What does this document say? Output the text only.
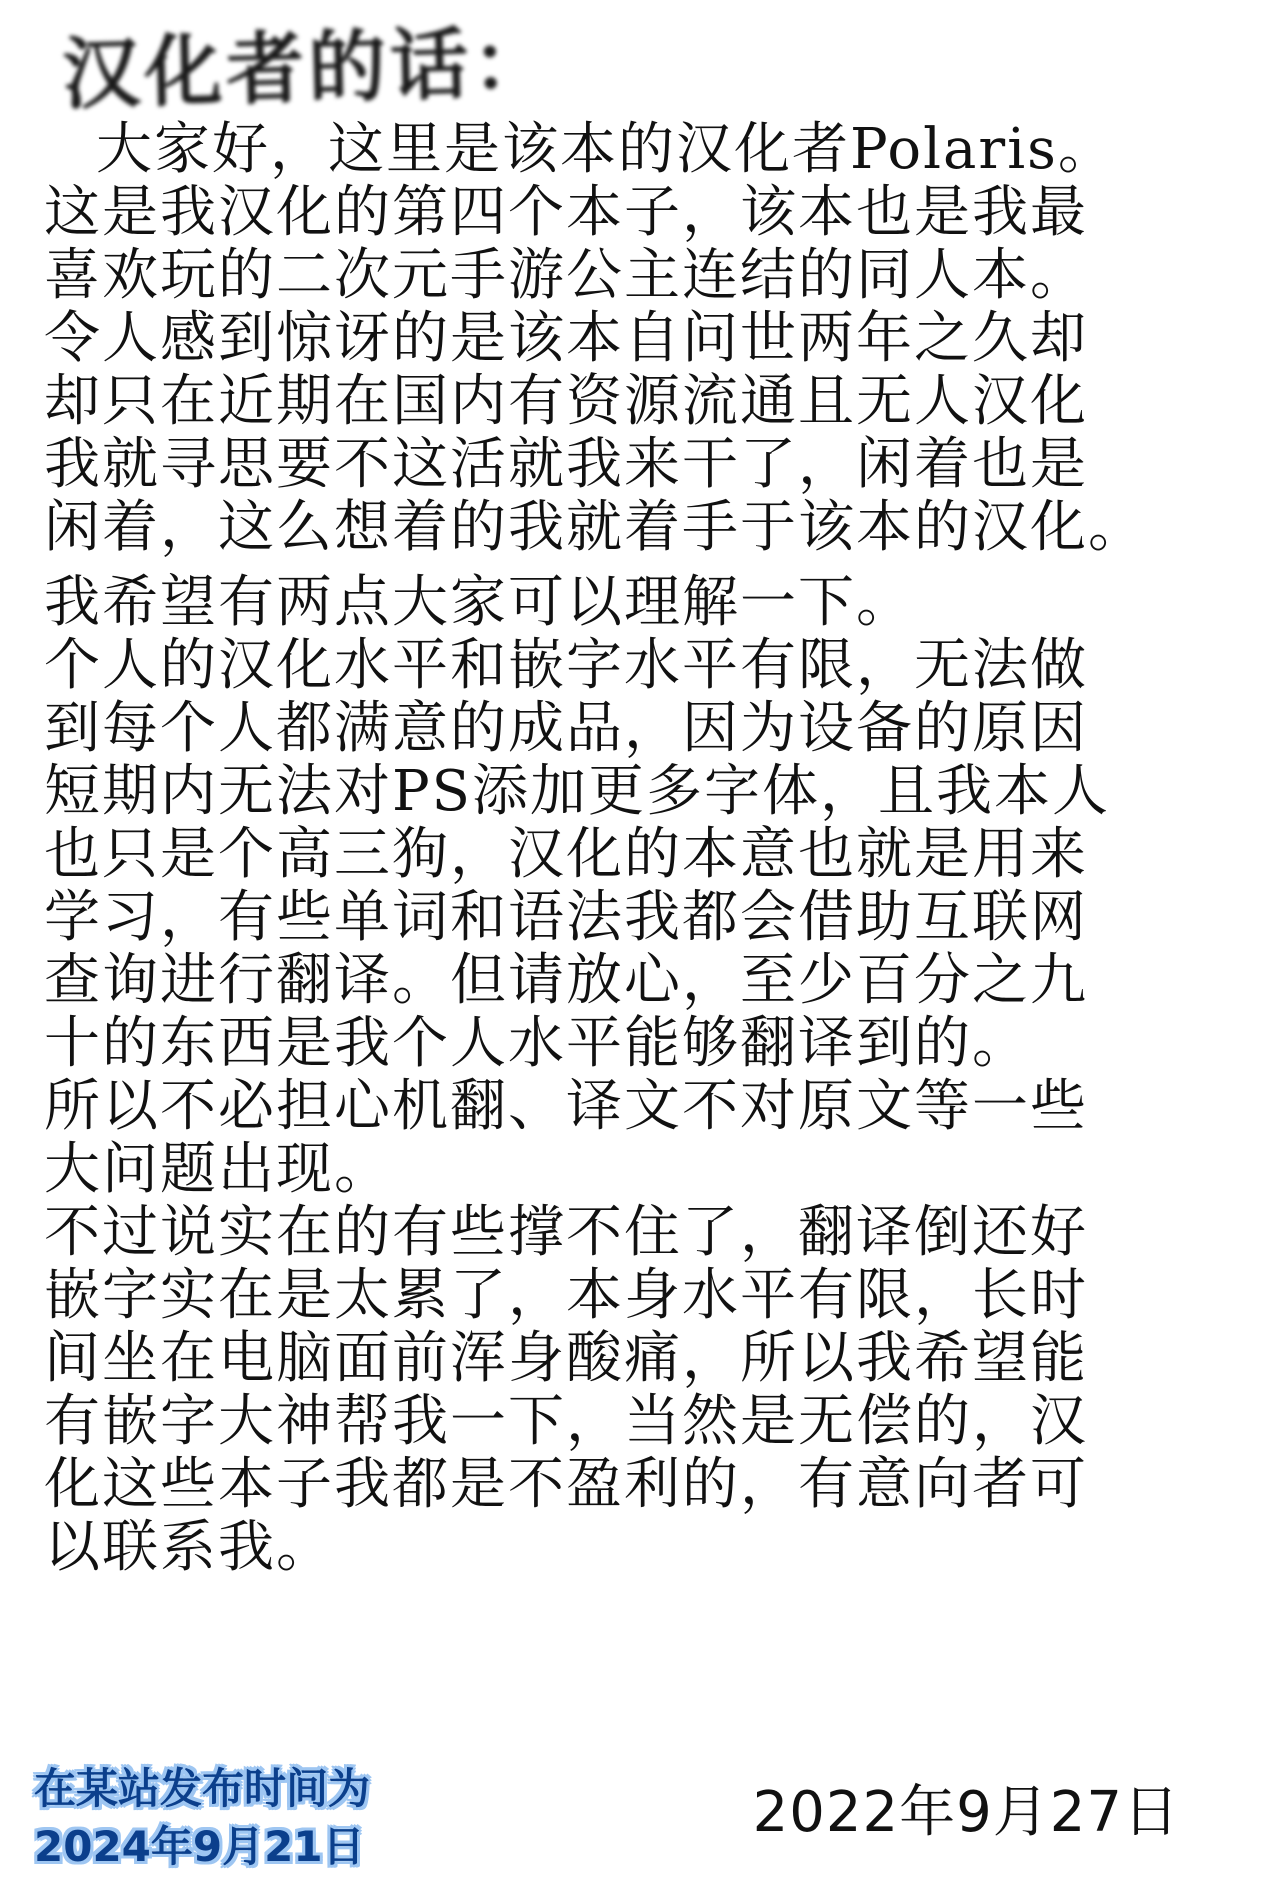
汉化者的话：
大家好，这里是该本的汉化者Polaris。
这是我汉化的第四个本子，该本也是我最
喜欢玩的二次元手游公主连结的同人本。
令人感到惊讶的是该本自问世两年之久却
却只在近期在国内有资源流通且无人汉化
我就寻思要不这活就我来干了，闲着也是
闲着，这么想着的我就着手于该本的汉化。
我希望有两点大家可以理解一下。
个人的汉化水平和嵌字水平有限，无法做
到每个人都满意的成品，因为设备的原因
短期内无法对PS添加更多字体，且我本人
也只是个高三狗，汉化的本意也就是用来
学习，有些单词和语法我都会借助互联网
查询进行翻译。但请放心，至少百分之九
十的东西是我个人水平能够翻译到的。
所以不必担心机翻、译文不对原文等一些
大问题出现。
不过说实在的有些撑不住了，翻译倒还好
嵌字实在是太累了，本身水平有限，长时
间坐在电脑面前浑身酸痛，所以我希望能
有嵌字大神帮我一下，当然是无偿的，汉
化这些本子我都是不盈利的，有意向者可
以联系我。
在某站发布时间为
2024年9月21日
2022年9月27日
